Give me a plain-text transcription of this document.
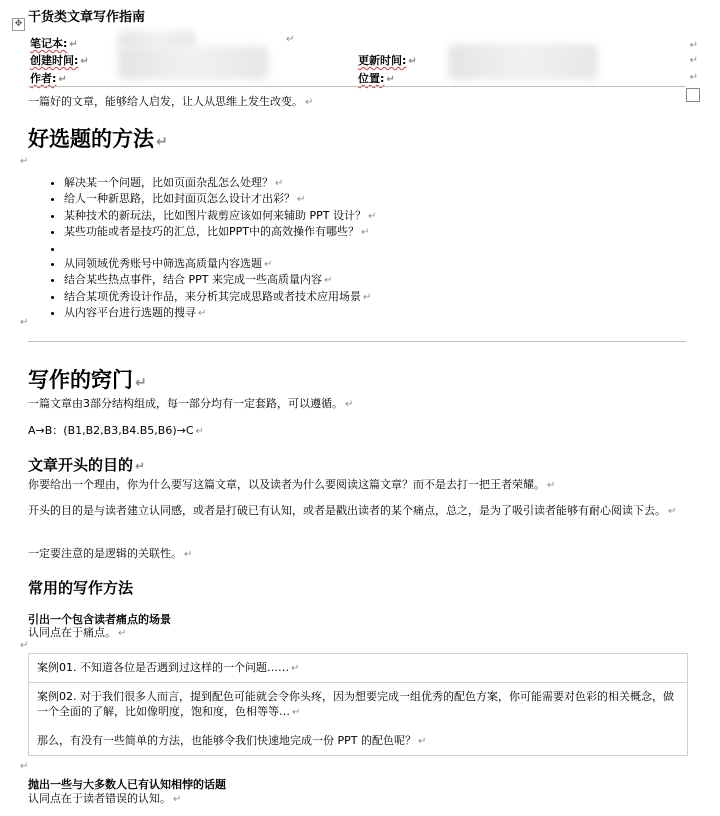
干货类文章写作指南
✥
笔记本: ↵	↵
↵
创建时间: ↵	更新时间: ↵	↵
作者: ↵	位置: ↵	↵
一篇好的文章，能够给人启发，让人从思维上发生改变。 ↵
好选题的方法 ↵
↵
• 解决某一个问题，比如页面杂乱怎么处理？ ↵
• 给人一种新思路，比如封面页怎么设计才出彩？ ↵
• 某种技术的新玩法，比如图片裁剪应该如何来辅助 PPT 设计？ ↵
• 某些功能或者是技巧的汇总，比如PPT中的高效操作有哪些？ ↵
•
• 从同领域优秀账号中筛选高质量内容选题 ↵
• 结合某些热点事件，结合 PPT 来完成一些高质量内容 ↵
• 结合某项优秀设计作品，来分析其完成思路或者技术应用场景 ↵
• 从内容平台进行选题的搜寻 ↵
↵
写作的窍门 ↵
一篇文章由3部分结构组成，每一部分均有一定套路，可以遵循。 ↵
A→B：(B1,B2,B3,B4.B5,B6)→C ↵
文章开头的目的 ↵
你要给出一个理由，你为什么要写这篇文章，以及读者为什么要阅读这篇文章？而不是去打一把王者荣耀。 ↵
开头的目的是与读者建立认同感，或者是打破已有认知，或者是戳出读者的某个痛点，总之，是为了吸引读者能够有耐心阅读下去。 ↵
一定要注意的是逻辑的关联性。 ↵
常用的写作方法
引出一个包含读者痛点的场景
认同点在于痛点。 ↵
↵
案例01. 不知道各位是否遇到过这样的一个问题…… ↵
案例02. 对于我们很多人而言，提到配色可能就会令你头疼，因为想要完成一组优秀的配色方案，你可能需要对色彩的相关概念，做一个全面的了解，比如像明度，饱和度，色相等等… ↵
那么，有没有一些简单的方法，也能够令我们快速地完成一份 PPT 的配色呢？ ↵
↵
抛出一些与大多数人已有认知相悖的话题
认同点在于读者错误的认知。 ↵
